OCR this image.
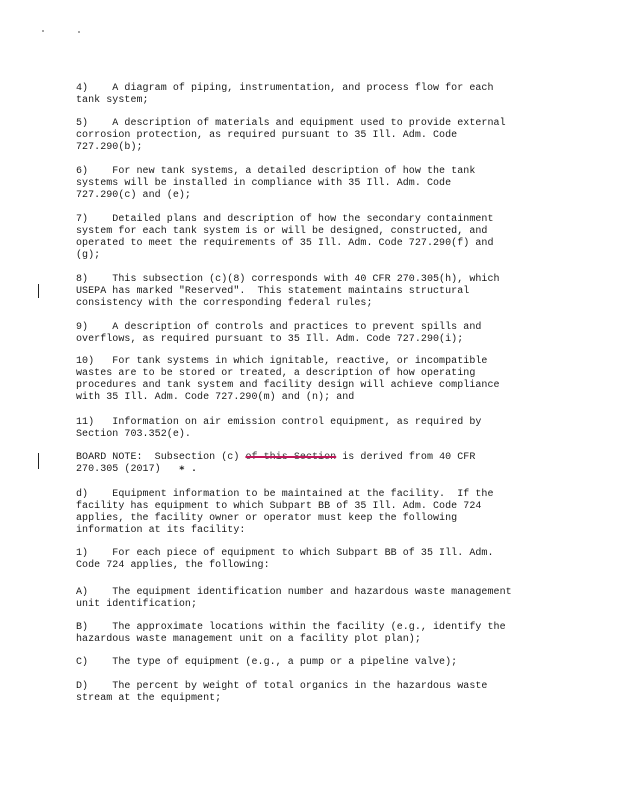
4)    A diagram of piping, instrumentation, and process flow for each
tank system;

5)    A description of materials and equipment used to provide external
corrosion protection, as required pursuant to 35 Ill. Adm. Code
727.290(b);

6)    For new tank systems, a detailed description of how the tank
systems will be installed in compliance with 35 Ill. Adm. Code
727.290(c) and (e);

7)    Detailed plans and description of how the secondary containment
system for each tank system is or will be designed, constructed, and
operated to meet the requirements of 35 Ill. Adm. Code 727.290(f) and
(g);

8)    This subsection (c)(8) corresponds with 40 CFR 270.305(h), which
USEPA has marked "Reserved".  This statement maintains structural
consistency with the corresponding federal rules;

9)    A description of controls and practices to prevent spills and
overflows, as required pursuant to 35 Ill. Adm. Code 727.290(i);

10)   For tank systems in which ignitable, reactive, or incompatible
wastes are to be stored or treated, a description of how operating
procedures and tank system and facility design will achieve compliance
with 35 Ill. Adm. Code 727.290(m) and (n); and

11)   Information on air emission control equipment, as required by
Section 703.352(e).

BOARD NOTE:  Subsection (c) of this Section is derived from 40 CFR
270.305 (2017)   ∗ .

d)    Equipment information to be maintained at the facility.  If the
facility has equipment to which Subpart BB of 35 Ill. Adm. Code 724
applies, the facility owner or operator must keep the following
information at its facility:

1)    For each piece of equipment to which Subpart BB of 35 Ill. Adm.
Code 724 applies, the following:

A)    The equipment identification number and hazardous waste management
unit identification;

B)    The approximate locations within the facility (e.g., identify the
hazardous waste management unit on a facility plot plan);

C)    The type of equipment (e.g., a pump or a pipeline valve);

D)    The percent by weight of total organics in the hazardous waste
stream at the equipment;
